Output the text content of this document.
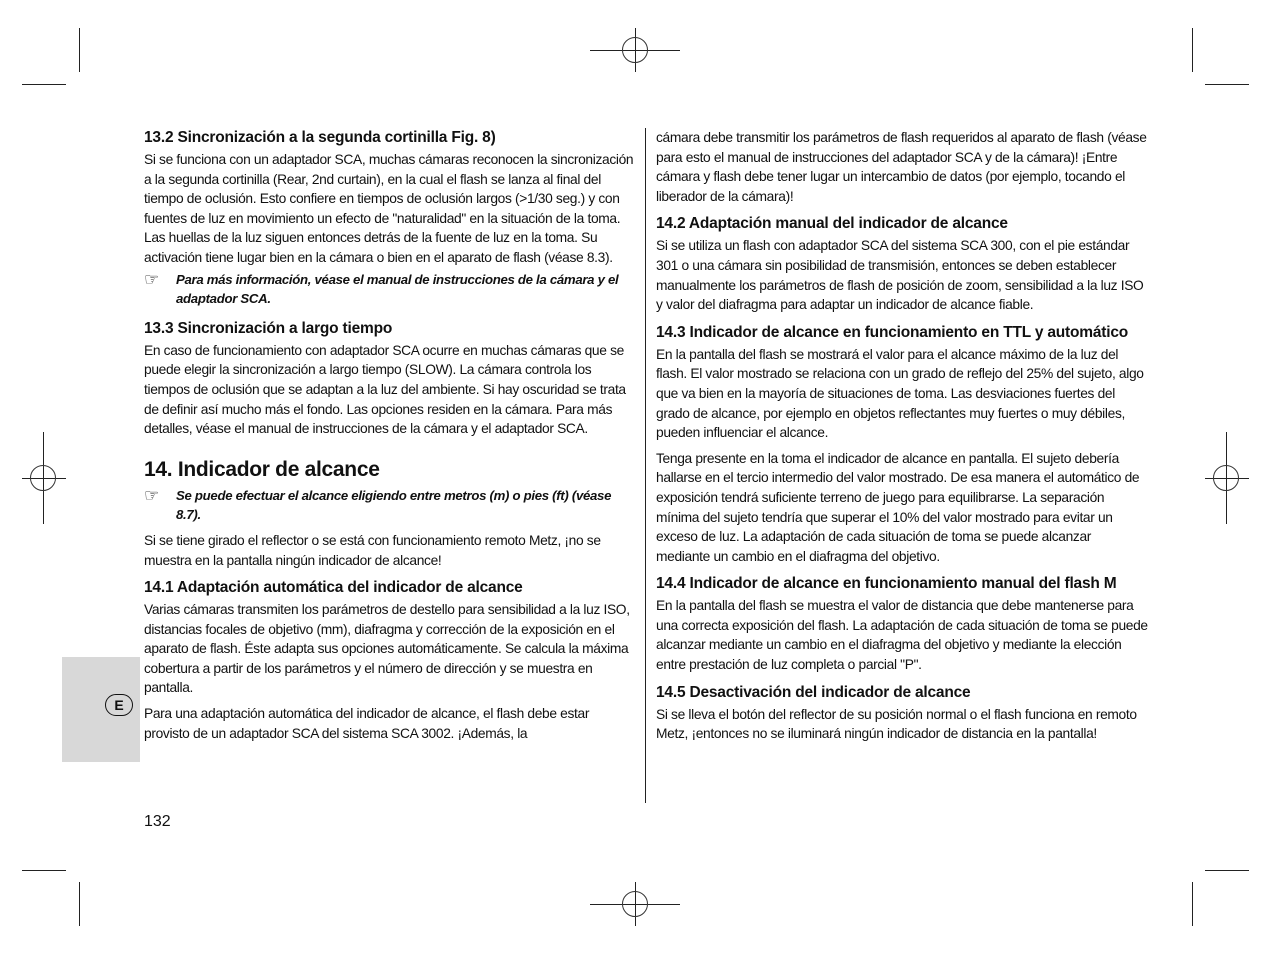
E
13.2 Sincronización a la segunda cortinilla Fig. 8)

Si se funciona con un adaptador SCA, muchas cámaras reconocen la sincronización a la segunda cortinilla (Rear, 2nd curtain), en la cual el flash se lanza al final del tiempo de oclusión. Esto confiere en tiempos de oclusión largos (>1/30 seg.) y con fuentes de luz en movimiento un efecto de "naturalidad" en la situación de la toma. Las huellas de la luz siguen entonces detrás de la fuente de luz en la toma. Su activación tiene lugar bien en la cámara o bien en el aparato de flash (véase 8.3).

☞	Para más información, véase el manual de instrucciones de la cámara y el adaptador SCA.
13.3 Sincronización a largo tiempo

En caso de funcionamiento con adaptador SCA ocurre en muchas cámaras que se puede elegir la sincronización a largo tiempo (SLOW). La cámara controla los tiempos de oclusión que se adaptan a la luz del ambiente. Si hay oscuridad se trata de definir así mucho más el fondo. Las opciones residen en la cámara. Para más detalles, véase el manual de instrucciones de la cámara y el adaptador SCA.

14. Indicador de alcance
☞	Se puede efectuar el alcance eligiendo entre metros (m) o pies (ft) (véase 8.7).

Si se tiene girado el reflector o se está con funcionamiento remoto Metz, ¡no se muestra en la pantalla ningún indicador de alcance!

14.1 Adaptación automática del indicador de alcance

Varias cámaras transmiten los parámetros de destello para sensibilidad a la luz ISO, distancias focales de objetivo (mm), diafragma y corrección de la exposición en el aparato de flash. Éste adapta sus opciones automáticamente. Se calcula la máxima cobertura a partir de los parámetros y el número de dirección y se muestra en pantalla.

Para una adaptación automática del indicador de alcance, el flash debe estar provisto de un adaptador SCA del sistema SCA 3002. ¡Además, la

cámara debe transmitir los parámetros de flash requeridos al aparato de flash (véase para esto el manual de instrucciones del adaptador SCA y de la cámara)! ¡Entre cámara y flash debe tener lugar un intercambio de datos (por ejemplo, tocando el liberador de la cámara)!

14.2 Adaptación manual del indicador de alcance

Si se utiliza un flash con adaptador SCA del sistema SCA 300, con el pie estándar 301 o una cámara sin posibilidad de transmisión, entonces se deben establecer manualmente los parámetros de flash de posición de zoom, sensibilidad a la luz ISO y valor del diafragma para adaptar un indicador de alcance fiable.

14.3 Indicador de alcance en funcionamiento en TTL y automático

En la pantalla del flash se mostrará el valor para el alcance máximo de la luz del flash. El valor mostrado se relaciona con un grado de reflejo del 25% del sujeto, algo que va bien en la mayoría de situaciones de toma. Las desviaciones fuertes del grado de alcance, por ejemplo en objetos reflectantes muy fuertes o muy débiles, pueden influenciar el alcance.

Tenga presente en la toma el indicador de alcance en pantalla. El sujeto debería hallarse en el tercio intermedio del valor mostrado. De esa manera el automático de exposición tendrá suficiente terreno de juego para equilibrarse. La separación mínima del sujeto tendría que superar el 10% del valor mostrado para evitar un exceso de luz. La adaptación de cada situación de toma se puede alcanzar mediante un cambio en el diafragma del objetivo.

14.4 Indicador de alcance en funcionamiento manual del flash M

En la pantalla del flash se muestra el valor de distancia que debe mantenerse para una correcta exposición del flash. La adaptación de cada situación de toma se puede alcanzar mediante un cambio en el diafragma del objetivo y mediante la elección entre prestación de luz completa o parcial "P".

14.5 Desactivación del indicador de alcance

Si se lleva el botón del reflector de su posición normal o el flash funciona en remoto Metz, ¡entonces no se iluminará ningún indicador de distancia en la pantalla!

132
